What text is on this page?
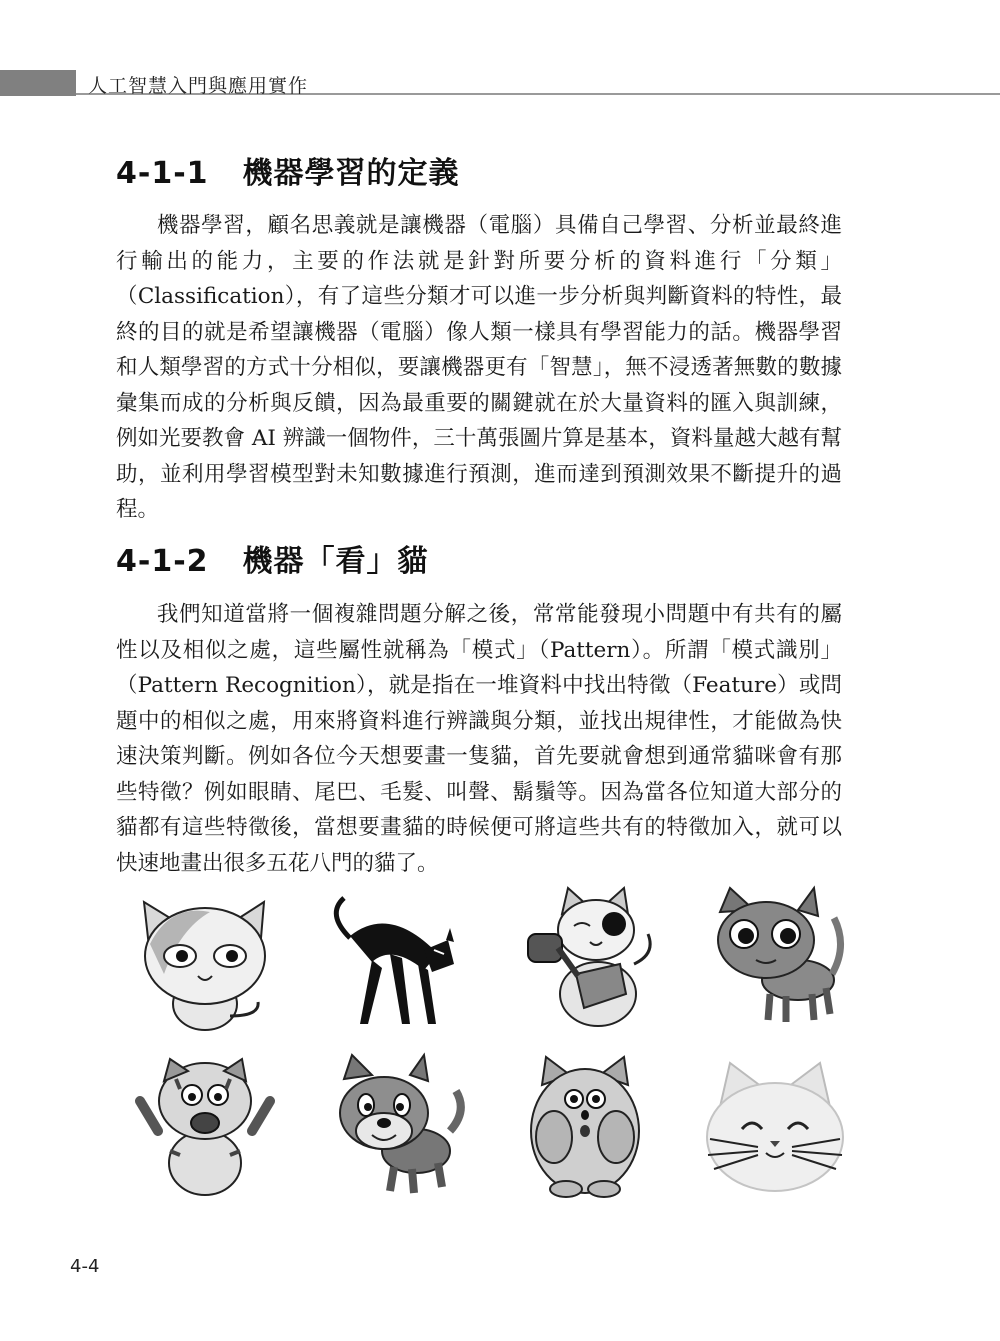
人工智慧入門與應用實作
4-1-1 機器學習的定義

機器學習，顧名思義就是讓機器（電腦）具備自己學習、分析並最終進行輸出的能力，主要的作法就是針對所要分析的資料進行「分類」（Classification），有了這些分類才可以進一步分析與判斷資料的特性，最終的目的就是希望讓機器（電腦）像人類一樣具有學習能力的話。機器學習和人類學習的方式十分相似，要讓機器更有「智慧」，無不浸透著無數的數據彙集而成的分析與反饋，因為最重要的關鍵就在於大量資料的匯入與訓練，例如光要教會 AI 辨識一個物件，三十萬張圖片算是基本，資料量越大越有幫助，並利用學習模型對未知數據進行預測，進而達到預測效果不斷提升的過程。

4-1-2 機器「看」貓

我們知道當將一個複雜問題分解之後，常常能發現小問題中有共有的屬性以及相似之處，這些屬性就稱為「模式」（Pattern）。所謂「模式識別」（Pattern Recognition），就是指在一堆資料中找出特徵（Feature）或問題中的相似之處，用來將資料進行辨識與分類，並找出規律性，才能做為快速決策判斷。例如各位今天想要畫一隻貓，首先要就會想到通常貓咪會有那些特徵？例如眼睛、尾巴、毛髮、叫聲、鬍鬚等。因為當各位知道大部分的貓都有這些特徵後，當想要畫貓的時候便可將這些共有的特徵加入，就可以快速地畫出很多五花八門的貓了。

4-4
